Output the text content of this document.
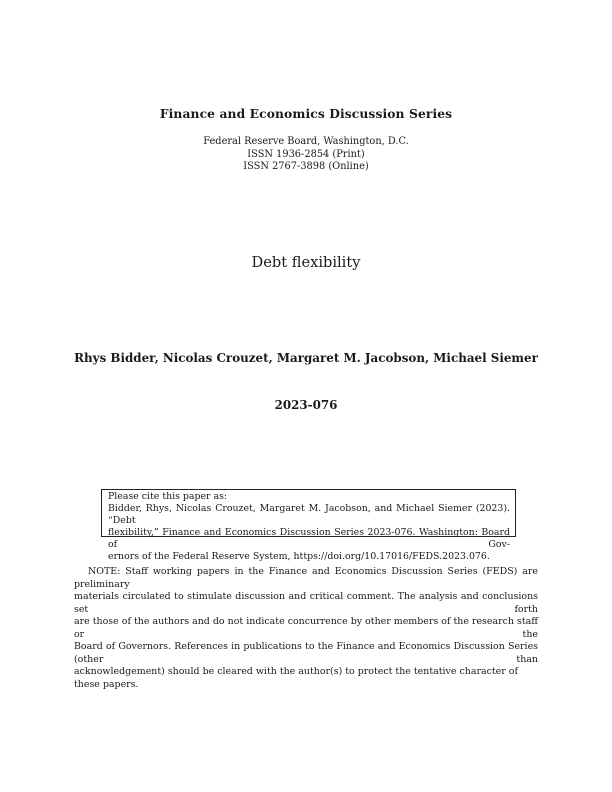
Finance and Economics Discussion Series
Federal Reserve Board, Washington, D.C.
ISSN 1936-2854 (Print)
ISSN 2767-3898 (Online)
Debt flexibility
Rhys Bidder, Nicolas Crouzet, Margaret M. Jacobson, Michael Siemer
2023-076
Please cite this paper as:
Bidder, Rhys, Nicolas Crouzet, Margaret M. Jacobson, and Michael Siemer (2023). “Debt
flexibility,” Finance and Economics Discussion Series 2023-076. Washington: Board of Gov-
ernors of the Federal Reserve System, https://doi.org/10.17016/FEDS.2023.076.
NOTE: Staff working papers in the Finance and Economics Discussion Series (FEDS) are preliminary
materials circulated to stimulate discussion and critical comment. The analysis and conclusions set forth
are those of the authors and do not indicate concurrence by other members of the research staff or the
Board of Governors. References in publications to the Finance and Economics Discussion Series (other than
acknowledgement) should be cleared with the author(s) to protect the tentative character of these papers.
